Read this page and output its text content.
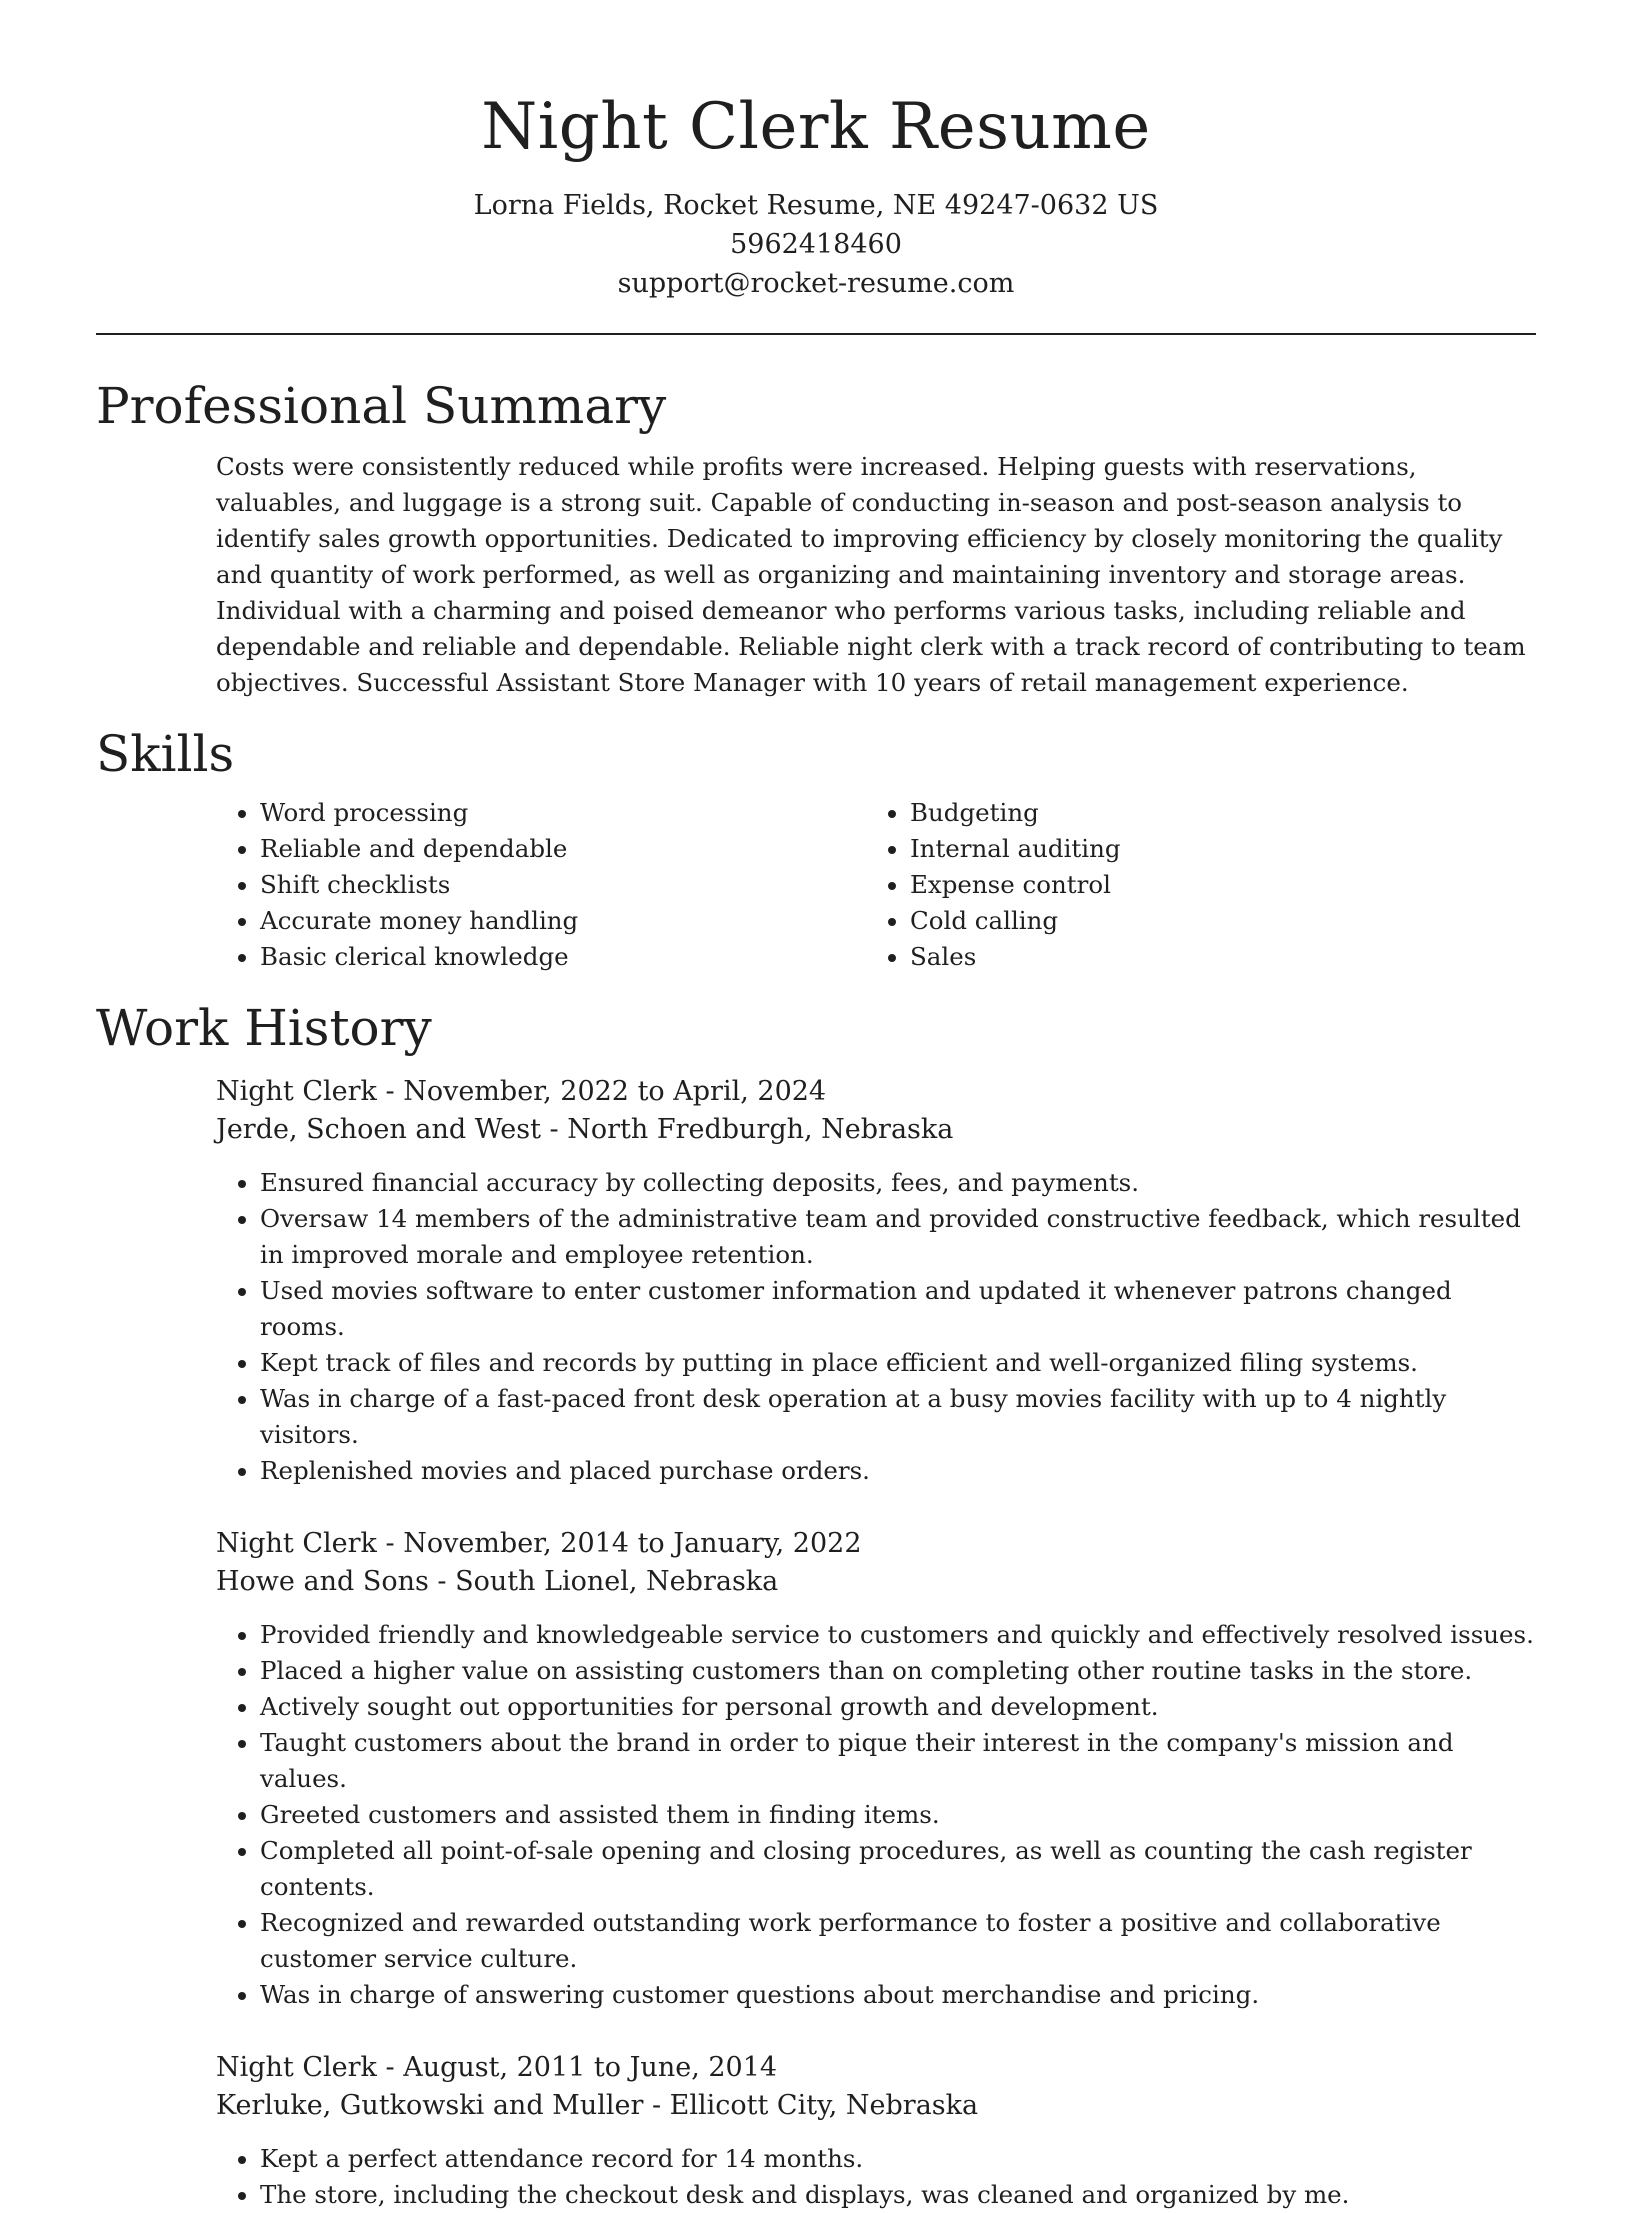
Night Clerk Resume

Lorna Fields, Rocket Resume, NE 49247-0632 US

5962418460

support@rocket-resume.com

Professional Summary

Costs were consistently reduced while profits were increased. Helping guests with reservations, valuables, and luggage is a strong suit. Capable of conducting in-season and post-season analysis to identify sales growth opportunities. Dedicated to improving efficiency by closely monitoring the quality and quantity of work performed, as well as organizing and maintaining inventory and storage areas. Individual with a charming and poised demeanor who performs various tasks, including reliable and dependable and reliable and dependable. Reliable night clerk with a track record of contributing to team objectives. Successful Assistant Store Manager with 10 years of retail management experience.

Skills
• Word processing
• Reliable and dependable
• Shift checklists
• Accurate money handling
• Basic clerical knowledge
• Budgeting
• Internal auditing
• Expense control
• Cold calling
• Sales
Work History

Night Clerk - November, 2022 to April, 2024

Jerde, Schoen and West - North Fredburgh, Nebraska

• Ensured financial accuracy by collecting deposits, fees, and payments.
• Oversaw 14 members of the administrative team and provided constructive feedback, which resulted in improved morale and employee retention.
• Used movies software to enter customer information and updated it whenever patrons changed rooms.
• Kept track of files and records by putting in place efficient and well-organized filing systems.
• Was in charge of a fast-paced front desk operation at a busy movies facility with up to 4 nightly visitors.
• Replenished movies and placed purchase orders.

Night Clerk - November, 2014 to January, 2022

Howe and Sons - South Lionel, Nebraska

• Provided friendly and knowledgeable service to customers and quickly and effectively resolved issues.
• Placed a higher value on assisting customers than on completing other routine tasks in the store.
• Actively sought out opportunities for personal growth and development.
• Taught customers about the brand in order to pique their interest in the company's mission and values.
• Greeted customers and assisted them in finding items.
• Completed all point-of-sale opening and closing procedures, as well as counting the cash register contents.
• Recognized and rewarded outstanding work performance to foster a positive and collaborative customer service culture.
• Was in charge of answering customer questions about merchandise and pricing.

Night Clerk - August, 2011 to June, 2014

Kerluke, Gutkowski and Muller - Ellicott City, Nebraska

• Kept a perfect attendance record for 14 months.
• The store, including the checkout desk and displays, was cleaned and organized by me.
